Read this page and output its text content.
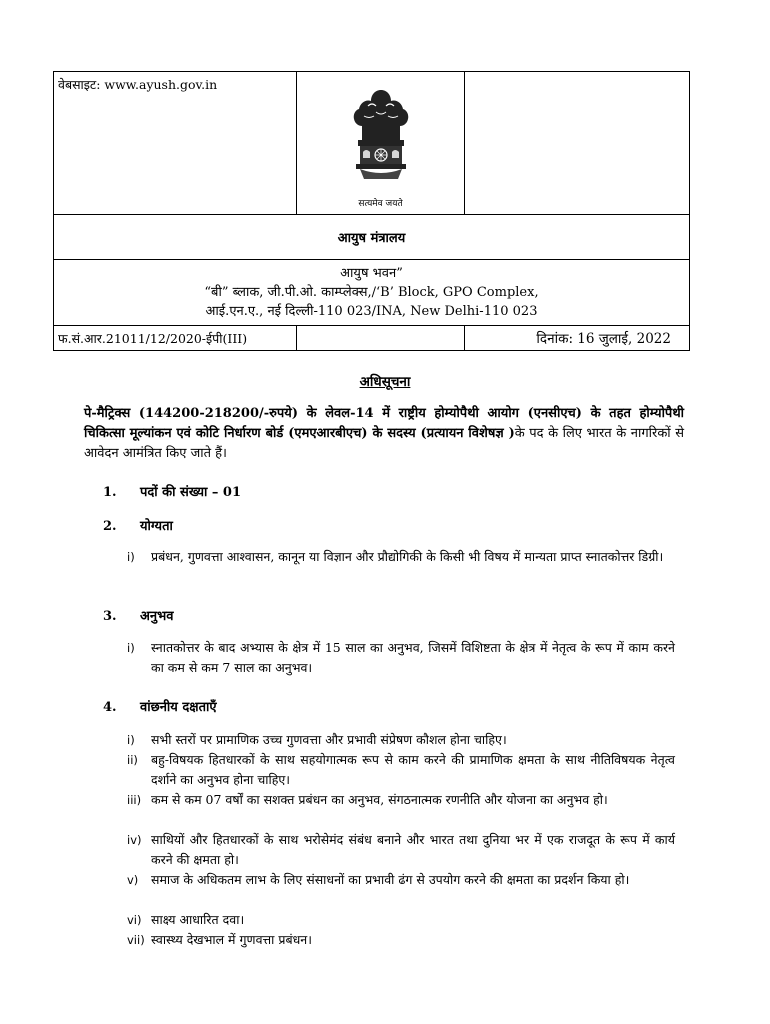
वेबसाइट: www.ayush.gov.in	सत्यमेव जयते	

आयुष मंत्रालय		

आयुष भवन”
“बी” ब्लाक, जी.पी.ओ. काम्प्लेक्स,/‘B’ Block, GPO Complex,
आई.एन.ए., नई दिल्ली-110 023/INA, New Delhi-110 023		

फ.सं.आर.21011/12/2020-ईपी(III)		दिनांक: 16 जुलाई, 2022
अधिसूचना
पे-मैट्रिक्स (144200-218200/-रुपये) के लेवल-14 में राष्ट्रीय होम्योपैथी आयोग (एनसीएच) के तहत होम्योपैथी चिकित्सा मूल्यांकन एवं कोटि निर्धारण बोर्ड (एमएआरबीएच) के सदस्य (प्रत्यायन विशेषज्ञ )के पद के लिए भारत के नागरिकों से आवेदन आमंत्रित किए जाते हैं।
1. पदों की संख्या – 01
2. योग्यता
i)	प्रबंधन, गुणवत्ता आश्वासन, कानून या विज्ञान और प्रौद्योगिकी के किसी भी विषय में मान्यता प्राप्त स्नातकोत्तर डिग्री।
3. अनुभव
i)	स्नातकोत्तर के बाद अभ्यास के क्षेत्र में 15 साल का अनुभव, जिसमें विशिष्टता के क्षेत्र में नेतृत्व के रूप में काम करने का कम से कम 7 साल का अनुभव।
4. वांछनीय दक्षताएँ
i)	सभी स्तरों पर प्रामाणिक उच्च गुणवत्ता और प्रभावी संप्रेषण कौशल होना चाहिए।
ii)	बहु-विषयक हितधारकों के साथ सहयोगात्मक रूप से काम करने की प्रामाणिक क्षमता के साथ नीतिविषयक नेतृत्व दर्शाने का अनुभव होना चाहिए।
iii) कम से कम 07 वर्षों का सशक्त प्रबंधन का अनुभव, संगठनात्मक रणनीति और योजना का अनुभव हो।
iv) साथियों और हितधारकों के साथ भरोसेमंद संबंध बनाने और भारत तथा दुनिया भर में एक राजदूत के रूप में कार्य करने की क्षमता हो।
v)	समाज के अधिकतम लाभ के लिए संसाधनों का प्रभावी ढंग से उपयोग करने की क्षमता का प्रदर्शन किया हो।
vi) साक्ष्य आधारित दवा।
vii) स्वास्थ्य देखभाल में गुणवत्ता प्रबंधन।
